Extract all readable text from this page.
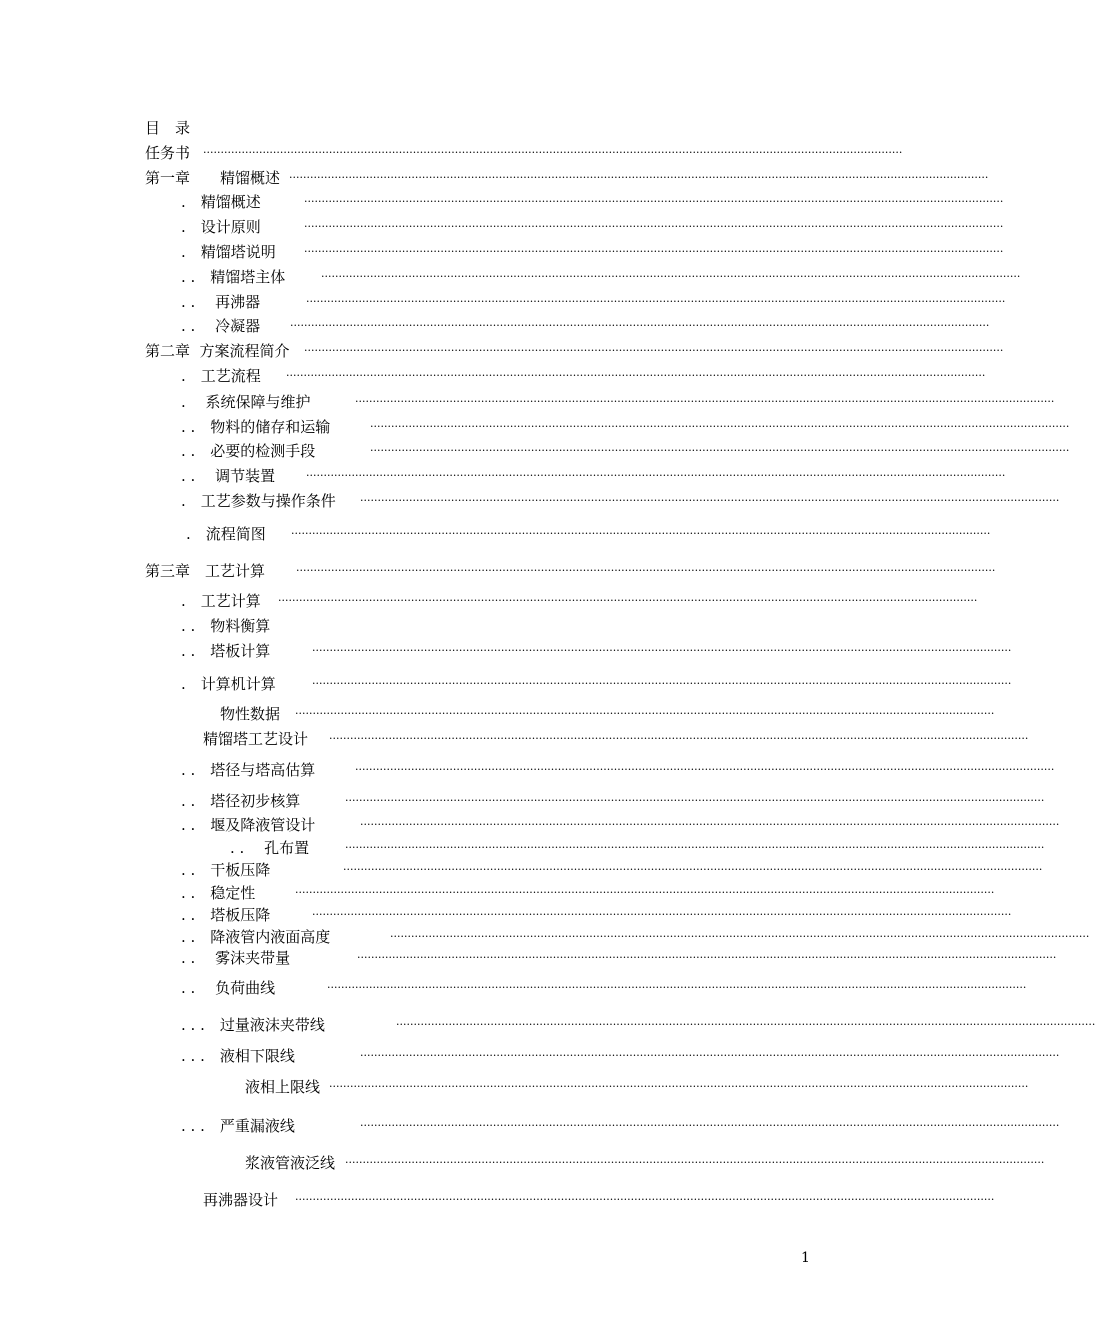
目　录
任务书 ········································································································································································································
第一章　　精馏概述 ········································································································································································································
.　精馏概述	········································································································································································································
.　设计原则	········································································································································································································
.　精馏塔说明	········································································································································································································
. .　精馏塔主体	········································································································································································································
. .　 再沸器	········································································································································································································
. .　 冷凝器	········································································································································································································
第二章  方案流程简介 ········································································································································································································
.　工艺流程 ········································································································································································································
.　 系统保障与维护	········································································································································································································
. .　物料的储存和运输	········································································································································································································
. .　必要的检测手段	········································································································································································································
. .　 调节装置	········································································································································································································
.　工艺参数与操作条件 ········································································································································································································
.　流程简图 ········································································································································································································
第三章　工艺计算	········································································································································································································
.　工艺计算 ········································································································································································································
. .　物料衡算
. .　塔板计算	········································································································································································································
.　计算机计算	········································································································································································································
物性数据 ········································································································································································································
精馏塔工艺设计 ········································································································································································································
. .　塔径与塔高估算	········································································································································································································
. .　塔径初步核算	········································································································································································································
. .　堰及降液管设计	········································································································································································································
. .　 孔布置	········································································································································································································
. .　干板压降	········································································································································································································
. .　稳定性	········································································································································································································
. .　塔板压降	········································································································································································································
. .　降液管内液面高度	········································································································································································································
. .　 雾沫夹带量	········································································································································································································
. .　 负荷曲线	········································································································································································································
. . .　过量液沫夹带线	········································································································································································································
. . .　液相下限线	········································································································································································································
液相上限线 ········································································································································································································
. . .　严重漏液线	········································································································································································································
浆液管液泛线 ········································································································································································································
再沸器设计 ········································································································································································································
1
